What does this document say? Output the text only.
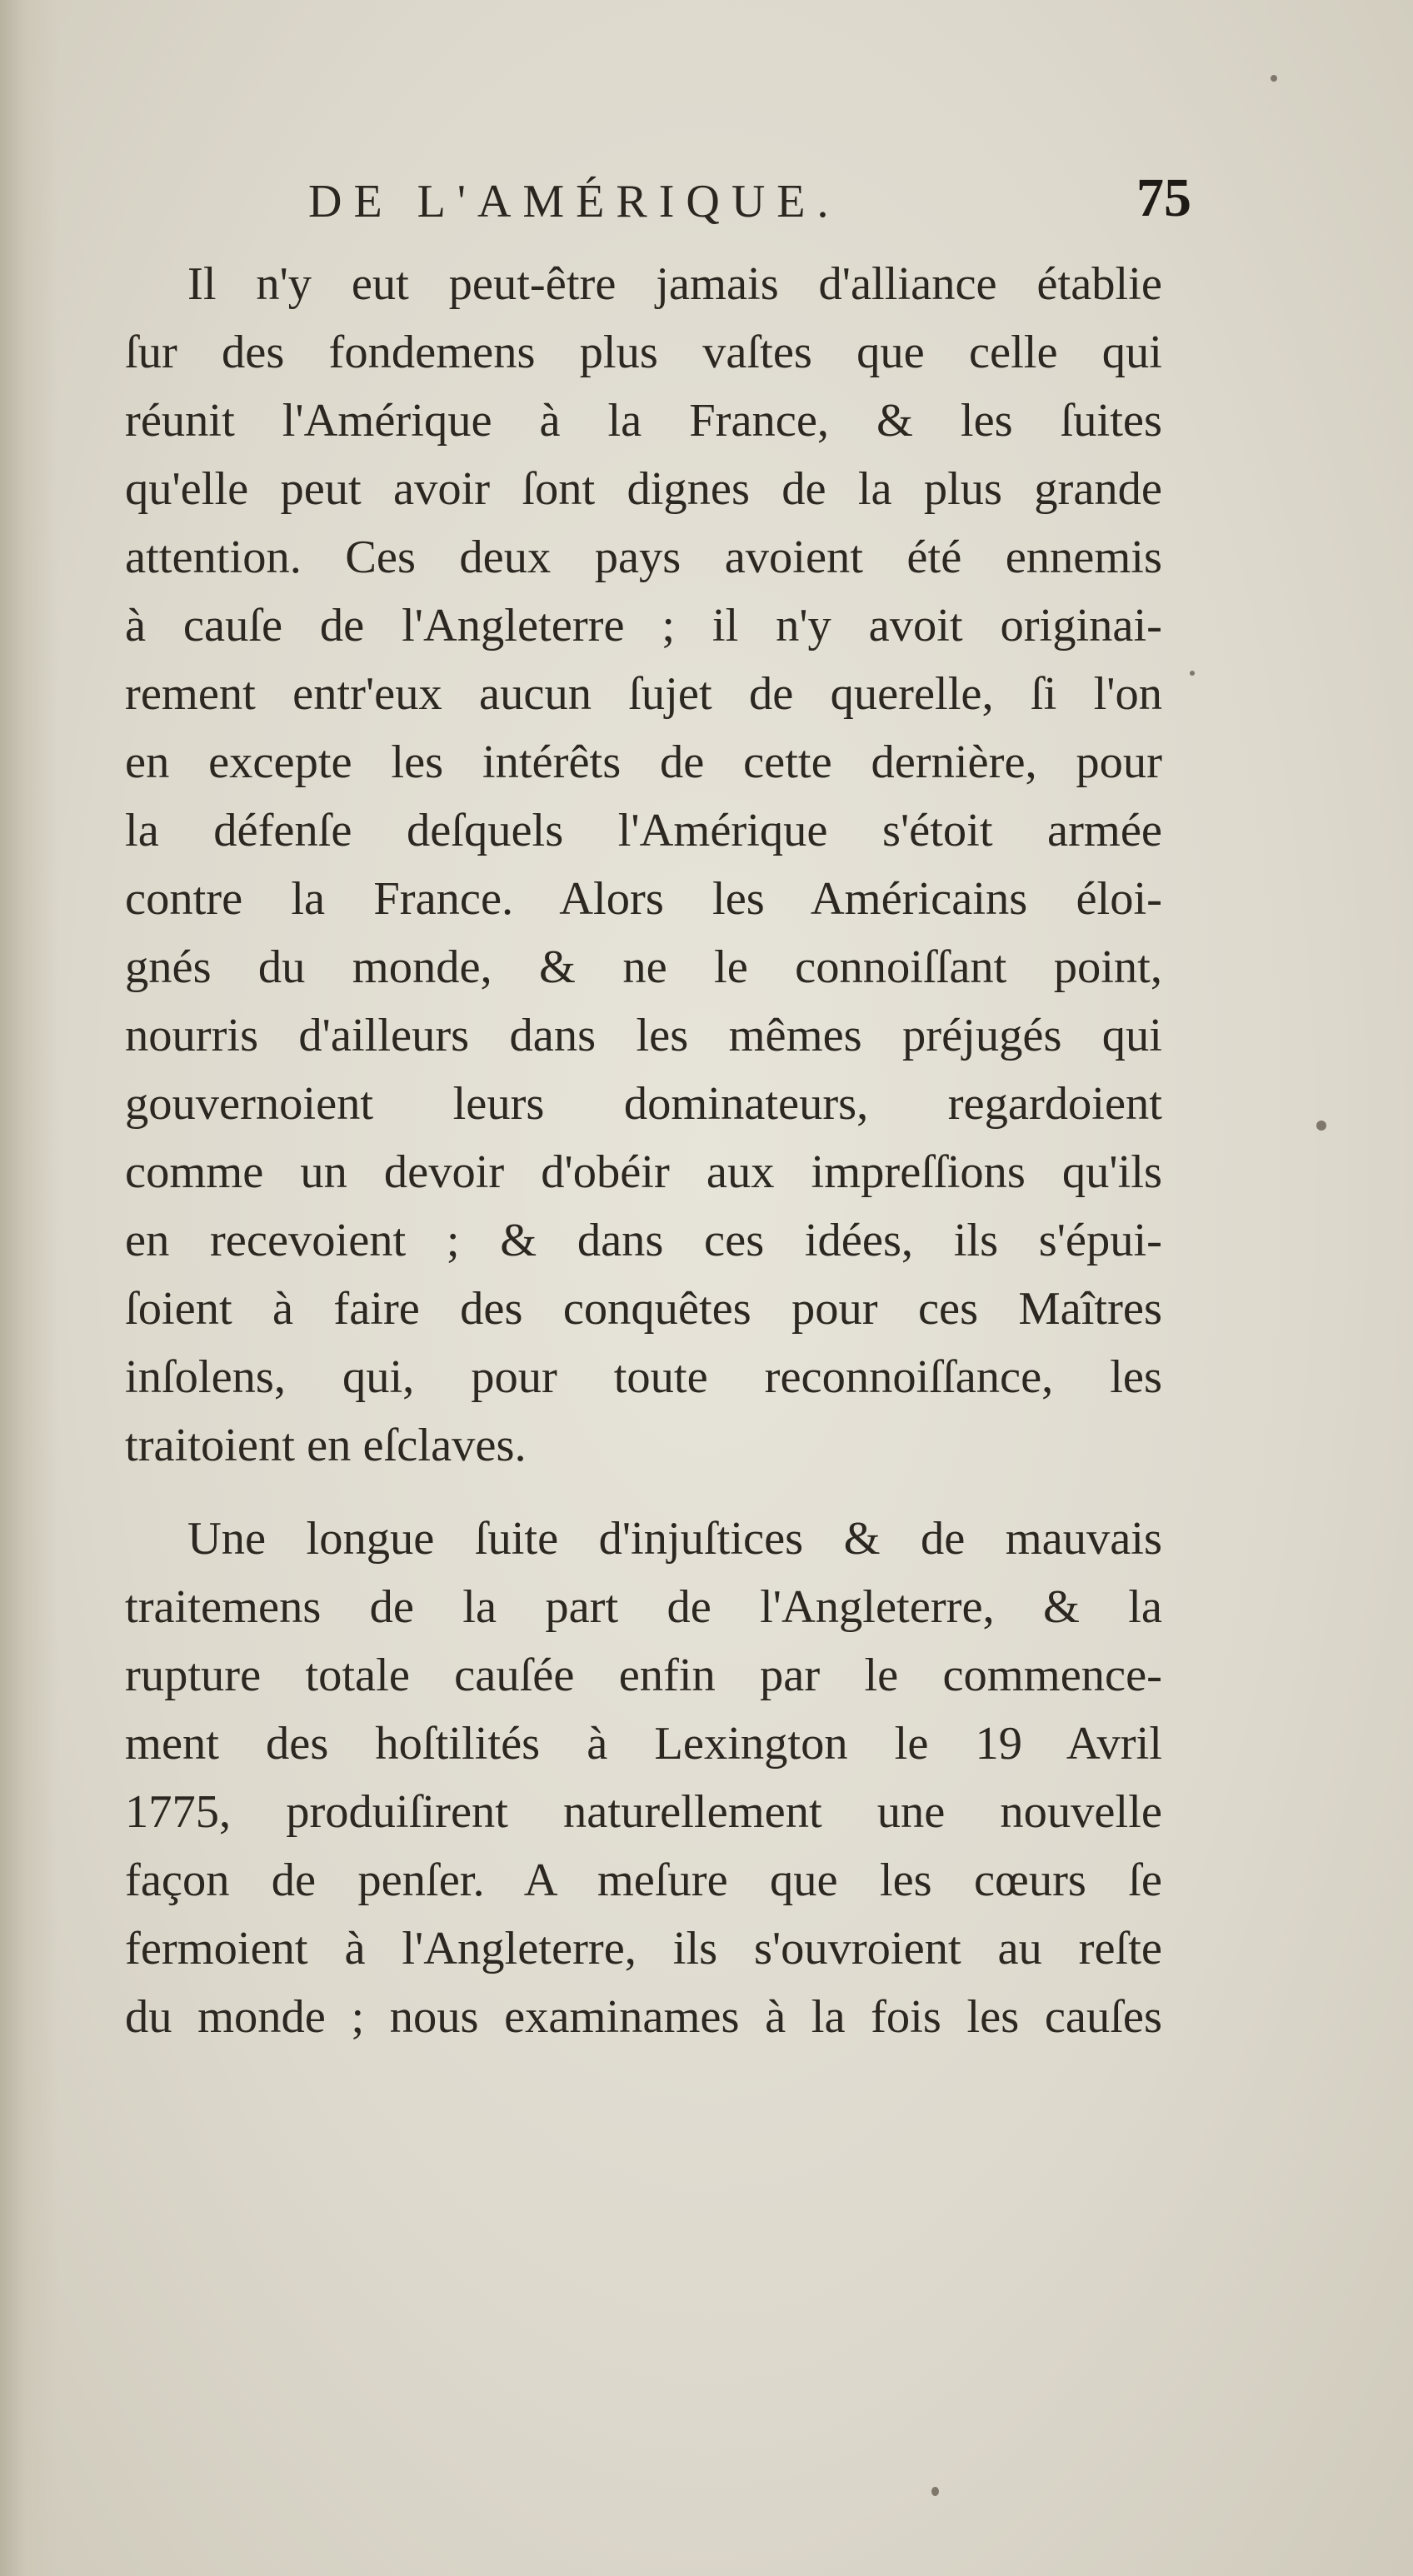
DE L'AMÉRIQUE.	75
Il n'y eut peut-être jamais d'alliance établie
ſur des fondemens plus vaſtes que celle qui
réunit l'Amérique à la France, & les ſuites
qu'elle peut avoir ſont dignes de la plus grande
attention. Ces deux pays avoient été ennemis
à cauſe de l'Angleterre ; il n'y avoit originai-
rement entr'eux aucun ſujet de querelle, ſi l'on
en excepte les intérêts de cette dernière, pour
la défenſe deſquels l'Amérique s'étoit armée
contre la France. Alors les Américains éloi-
gnés du monde, & ne le connoiſſant point,
nourris d'ailleurs dans les mêmes préjugés qui
gouvernoient leurs dominateurs, regardoient
comme un devoir d'obéir aux impreſſions qu'ils
en recevoient ; & dans ces idées, ils s'épui-
ſoient à faire des conquêtes pour ces Maîtres
inſolens, qui, pour toute reconnoiſſance, les
traitoient en eſclaves.
Une longue ſuite d'injuſtices & de mauvais
traitemens de la part de l'Angleterre, & la
rupture totale cauſée enfin par le commence-
ment des hoſtilités à Lexington le 19 Avril
1775, produiſirent naturellement une nouvelle
façon de penſer. A meſure que les cœurs ſe
fermoient à l'Angleterre, ils s'ouvroient au reſte
du monde ; nous examinames à la fois les cauſes
